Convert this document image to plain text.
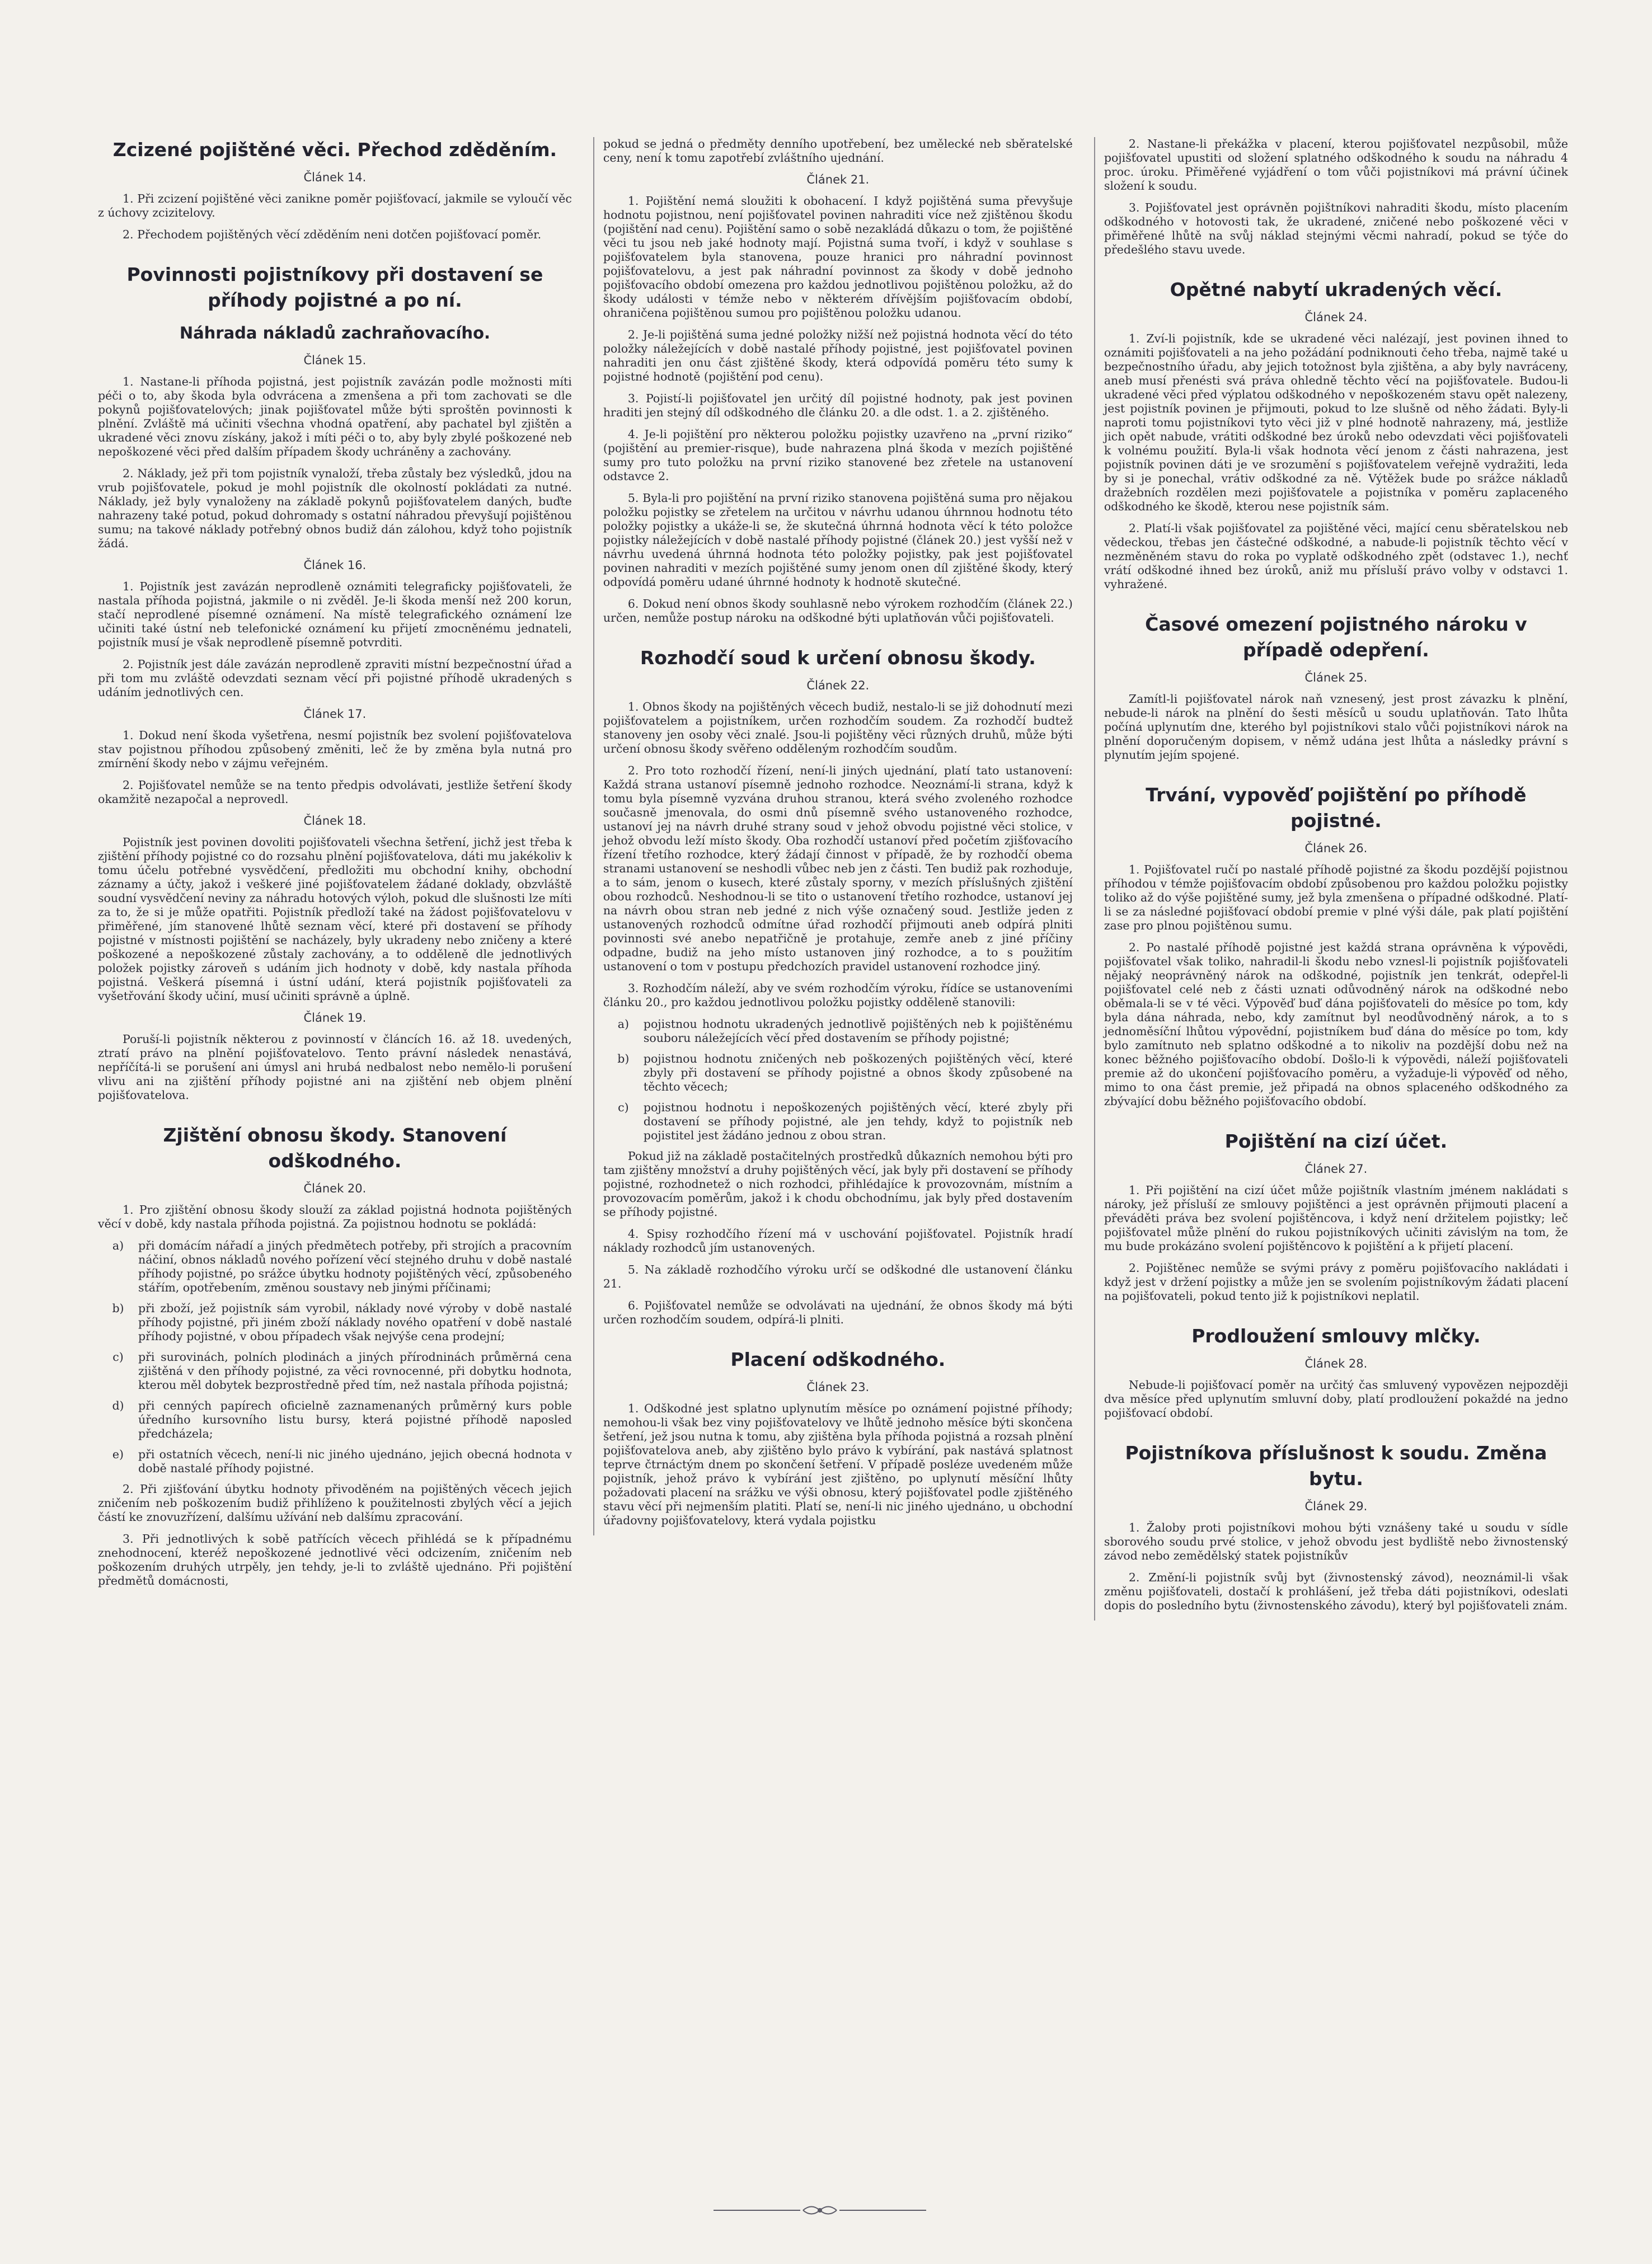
Zcizené pojištěné věci. Přechod zděděním.
Článek 14.

1. Při zcizení pojištěné věci zanikne poměr pojišťovací, jakmile se vyloučí věc z úchovy zcizitelovy.

2. Přechodem pojištěných věcí zděděním neni dotčen pojišťovací poměr.

Povinnosti pojistníkovy při dostavení se příhody pojistné a po ní.
Náhrada nákladů zachraňovacího.
Článek 15.

1. Nastane-li příhoda pojistná, jest pojistník zavázán podle možnosti míti péči o to, aby škoda byla odvrácena a zmenšena a při tom zachovati se dle pokynů pojišťovatelových; jinak pojišťovatel může býti sproštěn povinnosti k plnění. Zvláště má učiniti všechna vhodná opatření, aby pachatel byl zjištěn a ukradené věci znovu získány, jakož i míti péči o to, aby byly zbylé poškozené neb nepoškozené věci před dalším případem škody uchráněny a zachovány.

2. Náklady, jež při tom pojistník vynaloží, třeba zůstaly bez výsledků, jdou na vrub pojišťovatele, pokud je mohl pojistník dle okolností pokládati za nutné. Náklady, jež byly vynaloženy na základě pokynů pojišťovatelem daných, buďte nahrazeny také potud, pokud dohromady s ostatní náhradou převyšují pojištěnou sumu; na takové náklady potřebný obnos budiž dán zálohou, když toho pojistník žádá.

Článek 16.

1. Pojistník jest zavázán neprodleně oznámiti telegraficky pojišťovateli, že nastala příhoda pojistná, jakmile o ni zvěděl. Je-li škoda menší než 200 korun, stačí neprodlené písemné oznámení. Na místě telegrafického oznámení lze učiniti také ústní neb telefonické oznámení ku přijetí zmocněnému jednateli, pojistník musí je však neprodleně písemně potvrditi.

2. Pojistník jest dále zavázán neprodleně zpraviti místní bezpečnostní úřad a při tom mu zvláště odevzdati seznam věcí při pojistné příhodě ukradených s udáním jednotlivých cen.

Článek 17.

1. Dokud není škoda vyšetřena, nesmí pojistník bez svolení pojišťovatelova stav pojistnou příhodou způsobený změniti, leč že by změna byla nutná pro zmírnění škody nebo v zájmu veřejném.

2. Pojišťovatel nemůže se na tento předpis odvolávati, jestliže šetření škody okamžitě nezapočal a neprovedl.

Článek 18.

Pojistník jest povinen dovoliti pojišťovateli všechna šetření, jichž jest třeba k zjištění příhody pojistné co do rozsahu plnění pojišťovatelova, dáti mu jakékoliv k tomu účelu potřebné vysvědčení, předložiti mu obchodní knihy, obchodní záznamy a účty, jakož i veškeré jiné pojišťovatelem žádané doklady, obzvláště soudní vysvědčení neviny za náhradu hotových výloh, pokud dle slušnosti lze míti za to, že si je může opatřiti. Pojistník předloží také na žádost pojišťovatelovu v přiměřené, jím stanovené lhůtě seznam věcí, které při dostavení se příhody pojistné v místnosti pojištění se nacházely, byly ukradeny nebo zničeny a které poškozené a nepoškozené zůstaly zachovány, a to odděleně dle jednotlivých položek pojistky zároveň s udáním jich hodnoty v době, kdy nastala příhoda pojistná. Veškerá písemná i ústní udání, která pojistník pojišťovateli za vyšetřování škody učiní, musí učiniti správně a úplně.

Článek 19.

Poruší-li pojistník některou z povinností v článcích 16. až 18. uvedených, ztratí právo na plnění pojišťovatelovo. Tento právní následek nenastává, nepříčítá-li se porušení ani úmysl ani hrubá nedbalost nebo nemělo-li porušení vlivu ani na zjištění příhody pojistné ani na zjištění neb objem plnění pojišťovatelova.

Zjištění obnosu škody. Stanovení odškodného.
Článek 20.

1. Pro zjištění obnosu škody slouží za základ pojistná hodnota pojištěných věcí v době, kdy nastala příhoda pojistná. Za pojistnou hodnotu se pokládá:

a)	při domácím nářadí a jiných předmětech potřeby, při strojích a pracovním náčiní, obnos nákladů nového pořízení věcí stejného druhu v době nastalé příhody pojistné, po srážce úbytku hodnoty pojištěných věcí, způsobeného stářím, opotřebením, změnou soustavy neb jinými příčinami;
b)	při zboží, jež pojistník sám vyrobil, náklady nové výroby v době nastalé příhody pojistné, při jiném zboží náklady nového opatření v době nastalé příhody pojistné, v obou případech však nejvýše cena prodejní;
c)	při surovinách, polních plodinách a jiných přírodninách průměrná cena zjištěná v den příhody pojistné, za věci rovnocenné, při dobytku hodnota, kterou měl dobytek bezprostředně před tím, než nastala příhoda pojistná;
d)	při cenných papírech oficielně zaznamenaných průměrný kurs poble úředního kursovního listu bursy, která pojistné příhodě naposled předcházela;
e)	při ostatních věcech, není-li nic jiného ujednáno, jejich obecná hodnota v době nastalé příhody pojistné.

2. Při zjišťování úbytku hodnoty přivoděném na pojištěných věcech jejich zničením neb poškozením budiž přihlíženo k použitelnosti zbylých věcí a jejich částí ke znovuzřízení, dalšímu užívání neb dalšímu zpracování.

3. Při jednotlivých k sobě patřících věcech přihlédá se k případnému znehodnocení, kteréž nepoškozené jednotlivé věci odcizením, zničením neb poškozením druhých utrpěly, jen tehdy, je-li to zvláště ujednáno. Při pojištění předmětů domácnosti,

pokud se jedná o předměty denního upotřebení, bez umělecké neb sběratelské ceny, není k tomu zapotřebí zvláštního ujednání.

Článek 21.

1. Pojištění nemá sloužiti k obohacení. I když pojištěná suma převyšuje hodnotu pojistnou, není pojišťovatel povinen nahraditi více než zjištěnou škodu (pojištění nad cenu). Pojištění samo o sobě nezakládá důkazu o tom, že pojištěné věci tu jsou neb jaké hodnoty mají. Pojistná suma tvoří, i když v souhlase s pojišťovatelem byla stanovena, pouze hranici pro náhradní povinnost pojišťovatelovu, a jest pak náhradní povinnost za škody v době jednoho pojišťovacího období omezena pro každou jednotlivou pojištěnou položku, až do škody události v témže nebo v některém dřívějším pojišťovacím období, ohraničena pojištěnou sumou pro pojištěnou položku udanou.

2. Je-li pojištěná suma jedné položky nižší než pojistná hodnota věcí do této položky náležejících v době nastalé příhody pojistné, jest pojišťovatel povinen nahraditi jen onu část zjištěné škody, která odpovídá poměru této sumy k pojistné hodnotě (pojištění pod cenu).

3. Pojistí-li pojišťovatel jen určitý díl pojistné hodnoty, pak jest povinen hraditi jen stejný díl odškodného dle článku 20. a dle odst. 1. a 2. zjištěného.

4. Je-li pojištění pro některou položku pojistky uzavřeno na „první riziko“ (pojištění au premier-risque), bude nahrazena plná škoda v mezích pojištěné sumy pro tuto položku na první riziko stanovené bez zřetele na ustanovení odstavce 2.

5. Byla-li pro pojištění na první riziko stanovena pojištěná suma pro nějakou položku pojistky se zřetelem na určitou v návrhu udanou úhrnnou hodnotu této položky pojistky a ukáže-li se, že skutečná úhrnná hodnota věcí k této položce pojistky náležejících v době nastalé příhody pojistné (článek 20.) jest vyšší než v návrhu uvedená úhrnná hodnota této položky pojistky, pak jest pojišťovatel povinen nahraditi v mezích pojištěné sumy jenom onen díl zjištěné škody, který odpovídá poměru udané úhrnné hodnoty k hodnotě skutečné.

6. Dokud není obnos škody souhlasně nebo výrokem rozhodčím (článek 22.) určen, nemůže postup nároku na odškodné býti uplatňován vůči pojišťovateli.

Rozhodčí soud k určení obnosu škody.
Článek 22.

1. Obnos škody na pojištěných věcech budiž, nestalo-li se již dohodnutí mezi pojišťovatelem a pojistníkem, určen rozhodčím soudem. Za rozhodčí budtež stanoveny jen osoby věci znalé. Jsou-li pojištěny věci různých druhů, může býti určení obnosu škody svěřeno odděleným rozhodčím soudům.

2. Pro toto rozhodčí řízení, není-li jiných ujednání, platí tato ustanovení: Každá strana ustanoví písemně jednoho rozhodce. Neoznámí-li strana, když k tomu byla písemně vyzvána druhou stranou, která svého zvoleného rozhodce současně jmenovala, do osmi dnů písemně svého ustanoveného rozhodce, ustanoví jej na návrh druhé strany soud v jehož obvodu pojistné věci stolice, v jehož obvodu leží místo škody. Oba rozhodčí ustanoví před početím zjišťovacího řízení třetího rozhodce, který žádají činnost v případě, že by rozhodčí obema stranami ustanovení se neshodli vůbec neb jen z části. Ten budiž pak rozhoduje, a to sám, jenom o kusech, které zůstaly sporny, v mezích příslušných zjištění obou rozhodců. Neshodnou-li se tito o ustanovení třetího rozhodce, ustanoví jej na návrh obou stran neb jedné z nich výše označený soud. Jestliže jeden z ustanovených rozhodců odmítne úřad rozhodčí přijmouti aneb odpírá plniti povinnosti své anebo nepatřičně je protahuje, zemře aneb z jiné příčiny odpadne, budiž na jeho místo ustanoven jiný rozhodce, a to s použitím ustanovení o tom v postupu předchozích pravidel ustanovení rozhodce jiný.

3. Rozhodčím náleží, aby ve svém rozhodčím výroku, řídíce se ustanoveními článku 20., pro každou jednotlivou položku pojistky odděleně stanovili:

a)	pojistnou hodnotu ukradených jednotlivě pojištěných neb k pojištěnému souboru náležejících věcí před dostavením se příhody pojistné;
b)	pojistnou hodnotu zničených neb poškozených pojištěných věcí, které zbyly při dostavení se příhody pojistné a obnos škody způsobené na těchto věcech;
c)	pojistnou hodnotu i nepoškozených pojištěných věcí, které zbyly při dostavení se příhody pojistné, ale jen tehdy, když to pojistník neb pojistitel jest žádáno jednou z obou stran.

Pokud již na základě postačitelných prostředků důkazních nemohou býti pro tam zjištěny množství a druhy pojištěných věcí, jak byly při dostavení se příhody pojistné, rozhodnetež o nich rozhodci, přihlédajíce k provozovnám, místním a provozovacím poměrům, jakož i k chodu obchodnímu, jak byly před dostavením se příhody pojistné.

4. Spisy rozhodčího řízení má v uschování pojišťovatel. Pojistník hradí náklady rozhodců jím ustanovených.

5. Na základě rozhodčího výroku určí se odškodné dle ustanovení článku 21.

6. Pojišťovatel nemůže se odvolávati na ujednání, že obnos škody má býti určen rozhodčím soudem, odpírá-li plniti.

Placení odškodného.
Článek 23.

1. Odškodné jest splatno uplynutím měsíce po oznámení pojistné příhody; nemohou-li však bez viny pojišťovatelovy ve lhůtě jednoho měsíce býti skončena šetření, jež jsou nutna k tomu, aby zjištěna byla příhoda pojistná a rozsah plnění pojišťovatelova aneb, aby zjištěno bylo právo k vybírání, pak nastává splatnost teprve čtrnáctým dnem po skončení šetření. V případě posléze uvedeném může pojistník, jehož právo k vybírání jest zjištěno, po uplynutí měsíční lhůty požadovati placení na srážku ve výši obnosu, který pojišťovatel podle zjištěného stavu věcí při nejmenším platiti. Platí se, není-li nic jiného ujednáno, u obchodní úřadovny pojišťovatelovy, která vydala pojistku

2. Nastane-li překážka v placení, kterou pojišťovatel nezpůsobil, může pojišťovatel upustiti od složení splatného odškodného k soudu na náhradu 4 proc. úroku. Přiměřené vyjádření o tom vůči pojistníkovi má právní účinek složení k soudu.

3. Pojišťovatel jest oprávněn pojištníkovi nahraditi škodu, místo placením odškodného v hotovosti tak, že ukradené, zničené nebo poškozené věci v přiměřené lhůtě na svůj náklad stejnými věcmi nahradí, pokud se týče do předešlého stavu uvede.

Opětné nabytí ukradených věcí.
Článek 24.

1. Zví-li pojistník, kde se ukradené věci nalézají, jest povinen ihned to oznámiti pojišťovateli a na jeho požádání podniknouti čeho třeba, najmě také u bezpečnostního úřadu, aby jejich totožnost byla zjištěna, a aby byly navráceny, aneb musí přenésti svá práva ohledně těchto věcí na pojišťovatele. Budou-li ukradené věci před výplatou odškodného v nepoškozeném stavu opět nalezeny, jest pojistník povinen je přijmouti, pokud to lze slušně od něho žádati. Byly-li naproti tomu pojistníkovi tyto věci již v plné hodnotě nahrazeny, má, jestliže jich opět nabude, vrátiti odškodné bez úroků nebo odevzdati věci pojišťovateli k volnému použití. Byla-li však hodnota věcí jenom z části nahrazena, jest pojistník povinen dáti je ve srozumění s pojišťovatelem veřejně vydražiti, leda by si je ponechal, vrátiv odškodné za ně. Výtěžek bude po srážce nákladů dražebních rozdělen mezi pojišťovatele a pojistníka v poměru zaplaceného odškodného ke škodě, kterou nese pojistník sám.

2. Platí-li však pojišťovatel za pojištěné věci, mající cenu sběratelskou neb vědeckou, třebas jen částečné odškodné, a nabude-li pojistník těchto věcí v nezměněném stavu do roka po vyplatě odškodného zpět (odstavec 1.), nechť vrátí odškodné ihned bez úroků, aniž mu přísluší právo volby v odstavci 1. vyhražené.

Časové omezení pojistného nároku v případě odepření.
Článek 25.

Zamítl-li pojišťovatel nárok naň vznesený, jest prost závazku k plnění, nebude-li nárok na plnění do šesti měsíců u soudu uplatňován. Tato lhůta počíná uplynutím dne, kterého byl pojistníkovi stalo vůči pojistníkovi nárok na plnění doporučeným dopisem, v němž udána jest lhůta a následky právní s plynutím jejím spojené.

Trvání, vypověď pojištění po příhodě pojistné.
Článek 26.

1. Pojišťovatel ručí po nastalé příhodě pojistné za škodu pozdější pojistnou příhodou v témže pojišťovacím období způsobenou pro každou položku pojistky toliko až do výše pojištěné sumy, jež byla zmenšena o případné odškodné. Platí-li se za následné pojišťovací období premie v plné výši dále, pak platí pojištění zase pro plnou pojištěnou sumu.

2. Po nastalé příhodě pojistné jest každá strana oprávněna k výpovědi, pojišťovatel však toliko, nahradil-li škodu nebo vznesl-li pojistník pojišťovateli nějaký neoprávněný nárok na odškodné, pojistník jen tenkrát, odepřel-li pojišťovatel celé neb z části uznati odůvodněný nárok na odškodné nebo oběmala-li se v té věci. Výpověď buď dána pojišťovateli do měsíce po tom, kdy byla dána náhrada, nebo, kdy zamítnut byl neodůvodněný nárok, a to s jednoměsíční lhůtou výpovědní, pojistníkem buď dána do měsíce po tom, kdy bylo zamítnuto neb splatno odškodné a to nikoliv na pozdější dobu než na konec běžného pojišťovacího období. Došlo-li k výpovědi, náleží pojišťovateli premie až do ukončení pojišťovacího poměru, a vyžaduje-li výpověď od něho, mimo to ona část premie, jež připadá na obnos splaceného odškodného za zbývající dobu běžného pojišťovacího období.

Pojištění na cizí účet.
Článek 27.

1. Při pojištění na cizí účet může pojištník vlastním jménem nakládati s nároky, jež přísluší ze smlouvy pojištěnci a jest oprávněn přijmouti placení a převáděti práva bez svolení pojištěncova, i když není držitelem pojistky; leč pojišťovatel může plnění do rukou pojistníkových učiniti závislým na tom, že mu bude prokázáno svolení pojištěncovo k pojištění a k přijetí placení.

2. Pojištěnec nemůže se svými právy z poměru pojišťovacího nakládati i když jest v držení pojistky a může jen se svolením pojistníkovým žádati placení na pojišťovateli, pokud tento již k pojistníkovi neplatil.

Prodloužení smlouvy mlčky.
Článek 28.

Nebude-li pojišťovací poměr na určitý čas smluvený vypovězen nejpozději dva měsíce před uplynutím smluvní doby, platí prodloužení pokaždé na jedno pojišťovací období.

Pojistníkova příslušnost k soudu. Změna bytu.
Článek 29.

1. Žaloby proti pojistníkovi mohou býti vznášeny také u soudu v sídle sborového soudu prvé stolice, v jehož obvodu jest bydliště nebo živnostenský závod nebo zemědělský statek pojistníkův

2. Změní-li pojistník svůj byt (živnostenský závod), neoznámil-li však změnu pojišťovateli, dostačí k prohlášení, jež třeba dáti pojistníkovi, odeslati dopis do posledního bytu (živnostenského závodu), který byl pojišťovateli znám.
